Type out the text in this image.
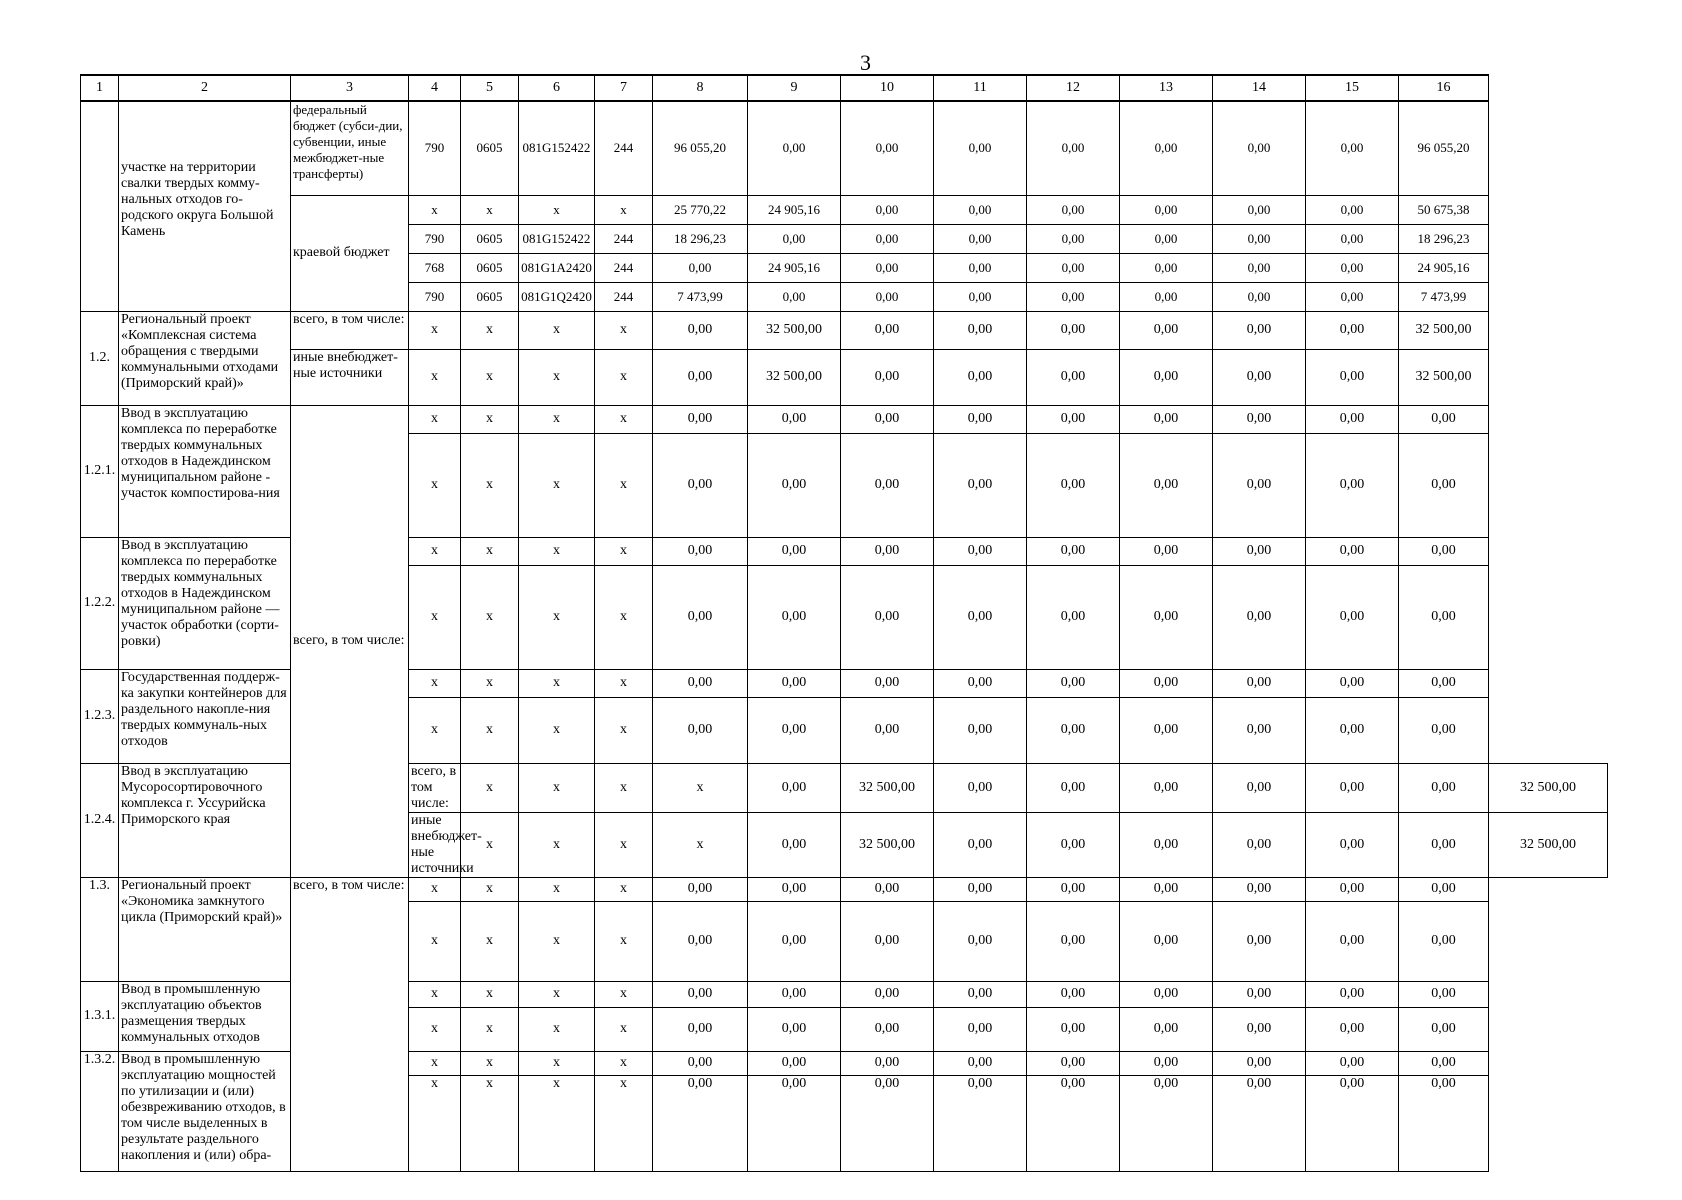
3
1	2	3	4	5	6	7	8	9	10	11	12	13	14	15	16	
	участке на территории свалки твердых комму-нальных отходов го-родского округа Большой Камень	федеральный бюджет (субси-дии, субвенции, иные межбюджет-ные трансферты)	790	0605	081G152422	244	96 055,20	0,00	0,00	0,00	0,00	0,00	0,00	0,00	96 055,20	
		краевой бюджет	x	x	x	x	25 770,22	24 905,16	0,00	0,00	0,00	0,00	0,00	0,00	50 675,38	
			790	0605	081G152422	244	18 296,23	0,00	0,00	0,00	0,00	0,00	0,00	0,00	18 296,23	
			768	0605	081G1A2420	244	0,00	24 905,16	0,00	0,00	0,00	0,00	0,00	0,00	24 905,16	
			790	0605	081G1Q2420	244	7 473,99	0,00	0,00	0,00	0,00	0,00	0,00	0,00	7 473,99	
1.2.	Региональный проект «Комплексная система обращения с твердыми коммунальными отходами (Приморский край)»	всего, в том числе:	x	x	x	x	0,00	32 500,00	0,00	0,00	0,00	0,00	0,00	0,00	32 500,00	
		иные внебюджет-ные источники	x	x	x	x	0,00	32 500,00	0,00	0,00	0,00	0,00	0,00	0,00	32 500,00	
1.2.1.	Ввод в эксплуатацию комплекса по переработке твердых коммунальных отходов в Надеждинском муниципальном районе - участок компостирова-ния	всего, в том числе:	x	x	x	x	0,00	0,00	0,00	0,00	0,00	0,00	0,00	0,00	0,00	
			x	x	x	x	0,00	0,00	0,00	0,00	0,00	0,00	0,00	0,00	0,00	
1.2.2.	Ввод в эксплуатацию комплекса по переработке твердых коммунальных отходов в Надеждинском муниципальном районе — участок обработки (сорти-ровки)		x	x	x	x	0,00	0,00	0,00	0,00	0,00	0,00	0,00	0,00	0,00	
			x	x	x	x	0,00	0,00	0,00	0,00	0,00	0,00	0,00	0,00	0,00	
1.2.3.	Государственная поддерж-ка закупки контейнеров для раздельного накопле-ния твердых коммуналь-ных отходов		x	x	x	x	0,00	0,00	0,00	0,00	0,00	0,00	0,00	0,00	0,00	
			x	x	x	x	0,00	0,00	0,00	0,00	0,00	0,00	0,00	0,00	0,00	
1.2.4.	Ввод в эксплуатацию Мусоросортировочного комплекса г. Уссурийска Приморского края		всего, в том числе:	x	x	x	x	0,00	32 500,00	0,00	0,00	0,00	0,00	0,00	0,00	32 500,00
			иные внебюджет-ные источники	x	x	x	x	0,00	32 500,00	0,00	0,00	0,00	0,00	0,00	0,00	32 500,00
1.3.	Региональный проект «Экономика замкнутого цикла (Приморский край)»	всего, в том числе:	x	x	x	x	0,00	0,00	0,00	0,00	0,00	0,00	0,00	0,00	0,00	
			x	x	x	x	0,00	0,00	0,00	0,00	0,00	0,00	0,00	0,00	0,00	
1.3.1.	Ввод в промышленную эксплуатацию объектов размещения твердых коммунальных отходов		x	x	x	x	0,00	0,00	0,00	0,00	0,00	0,00	0,00	0,00	0,00	
			x	x	x	x	0,00	0,00	0,00	0,00	0,00	0,00	0,00	0,00	0,00	
1.3.2.	Ввод в промышленную эксплуатацию мощностей по утилизации и (или) обезвреживанию отходов, в том числе выделенных в результате раздельного накопления и (или) обра-		x	x	x	x	0,00	0,00	0,00	0,00	0,00	0,00	0,00	0,00	0,00	
			x	x	x	x	0,00	0,00	0,00	0,00	0,00	0,00	0,00	0,00	0,00	
